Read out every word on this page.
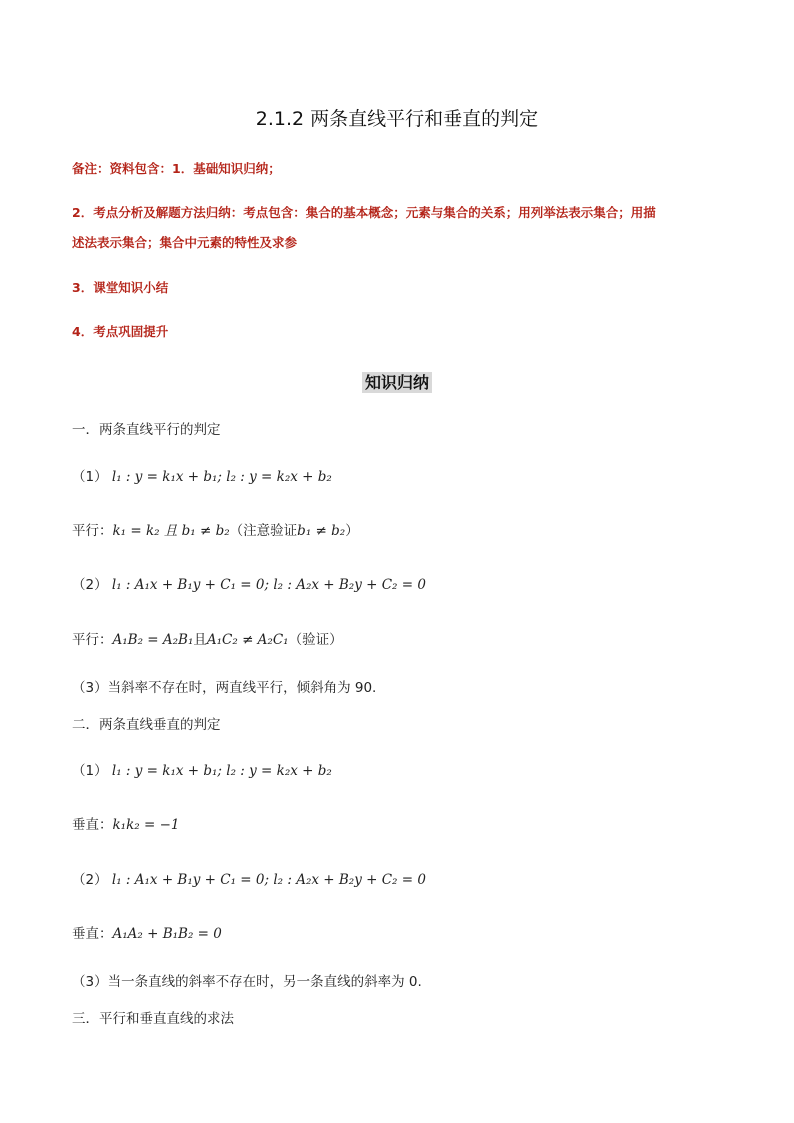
2.1.2 两条直线平行和垂直的判定
备注：资料包含：1．基础知识归纳；
2．考点分析及解题方法归纳：考点包含：集合的基本概念；元素与集合的关系；用列举法表示集合；用描
述法表示集合；集合中元素的特性及求参
3．课堂知识小结
4．考点巩固提升
知识归纳
一．两条直线平行的判定
（1） l₁ : y = k₁x + b₁; l₂ : y = k₂x + b₂
平行：k₁ = k₂ 且 b₁ ≠ b₂（注意验证b₁ ≠ b₂）
（2） l₁ : A₁x + B₁y + C₁ = 0; l₂ : A₂x + B₂y + C₂ = 0
平行：A₁B₂ = A₂B₁且A₁C₂ ≠ A₂C₁（验证）
（3）当斜率不存在时，两直线平行，倾斜角为 90.
二．两条直线垂直的判定
（1） l₁ : y = k₁x + b₁; l₂ : y = k₂x + b₂
垂直：k₁k₂ = −1
（2） l₁ : A₁x + B₁y + C₁ = 0; l₂ : A₂x + B₂y + C₂ = 0
垂直：A₁A₂ + B₁B₂ = 0
（3）当一条直线的斜率不存在时，另一条直线的斜率为 0.
三．平行和垂直直线的求法
